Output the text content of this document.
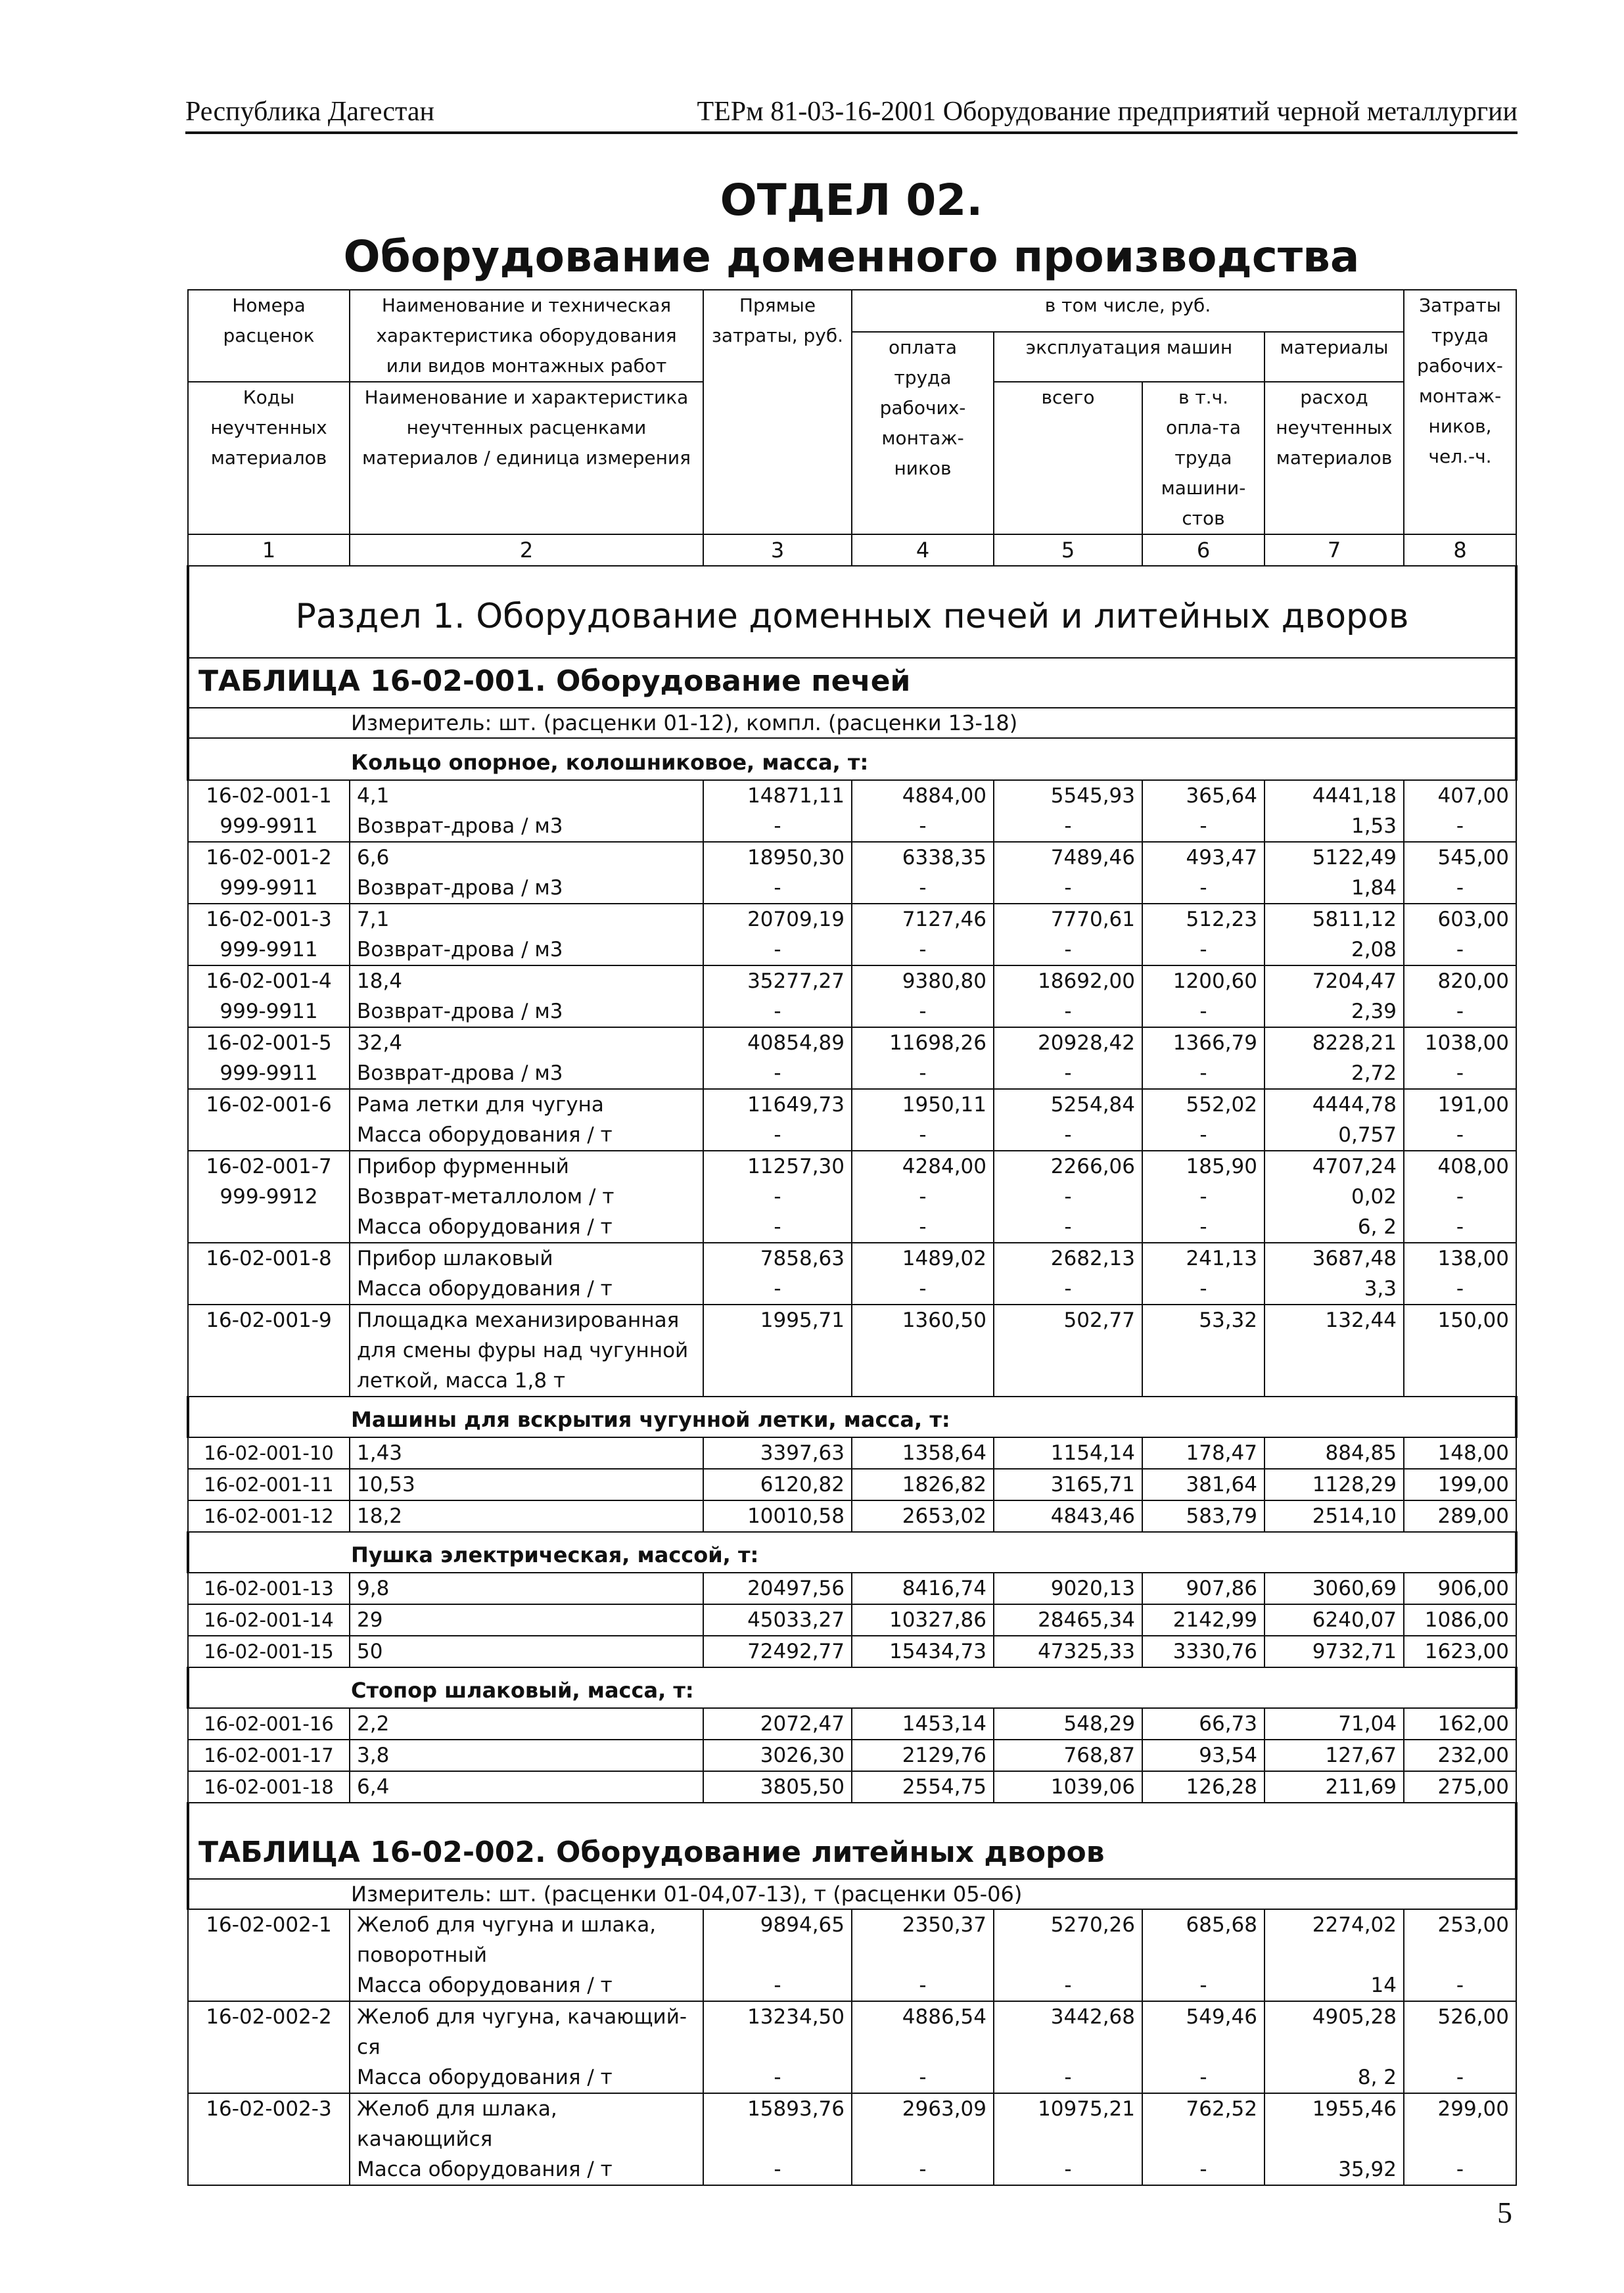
Республика Дагестан	ТЕРм 81-03-16-2001 Оборудование предприятий черной металлургии
ОТДЕЛ 02.
Оборудование доменного производства
Номера расценок	Наименование и техническая характеристика оборудования или видов монтажных работ	Прямые затраты, руб.	в том числе, руб.				Затраты труда рабочих-монтаж-ников, чел.-ч.
			оплата труда рабочих-монтаж-ников	эксплуатация машин		материалы	
Коды неучтенных материалов	Наименование и характеристика неучтенных расценками материалов / единица измерения			всего	в т.ч. опла-та труда машини-стов	расход неучтенных материалов	

1	2	3	4	5	6	7	8

Раздел 1. Оборудование доменных печей и литейных дворов							

ТАБЛИЦА 16-02-001. Оборудование печей							

Измеритель: шт. (расценки 01-12), компл. (расценки 13-18)							

Кольцо опорное, колошниковое, масса, т:							

16-02-001-1	4,1	14871,11	4884,00	5545,93	365,64	4441,18	407,00
999-9911	Возврат-дрова / м3	-	-	-	-	1,53	-
16-02-001-2	6,6	18950,30	6338,35	7489,46	493,47	5122,49	545,00
999-9911	Возврат-дрова / м3	-	-	-	-	1,84	-
16-02-001-3	7,1	20709,19	7127,46	7770,61	512,23	5811,12	603,00
999-9911	Возврат-дрова / м3	-	-	-	-	2,08	-
16-02-001-4	18,4	35277,27	9380,80	18692,00	1200,60	7204,47	820,00
999-9911	Возврат-дрова / м3	-	-	-	-	2,39	-
16-02-001-5	32,4	40854,89	11698,26	20928,42	1366,79	8228,21	1038,00
999-9911	Возврат-дрова / м3	-	-	-	-	2,72	-
16-02-001-6	Рама летки для чугуна	11649,73	1950,11	5254,84	552,02	4444,78	191,00
	Масса оборудования / т	-	-	-	-	0,757	-
16-02-001-7	Прибор фурменный	11257,30	4284,00	2266,06	185,90	4707,24	408,00
999-9912	Возврат-металлолом / т	-	-	-	-	0,02	-
	Масса оборудования / т	-	-	-	-	6, 2	-
16-02-001-8	Прибор шлаковый	7858,63	1489,02	2682,13	241,13	3687,48	138,00
	Масса оборудования / т	-	-	-	-	3,3	-
16-02-001-9	Площадка механизированная для смены фуры над чугунной леткой, масса 1,8 т	1995,71	1360,50	502,77	53,32	132,44	150,00

Машины для вскрытия чугунной летки, масса, т:							

16-02-001-10	1,43	3397,63	1358,64	1154,14	178,47	884,85	148,00
16-02-001-11	10,53	6120,82	1826,82	3165,71	381,64	1128,29	199,00
16-02-001-12	18,2	10010,58	2653,02	4843,46	583,79	2514,10	289,00

Пушка электрическая, массой, т:							

16-02-001-13	9,8	20497,56	8416,74	9020,13	907,86	3060,69	906,00
16-02-001-14	29	45033,27	10327,86	28465,34	2142,99	6240,07	1086,00
16-02-001-15	50	72492,77	15434,73	47325,33	3330,76	9732,71	1623,00

Стопор шлаковый, масса, т:							

16-02-001-16	2,2	2072,47	1453,14	548,29	66,73	71,04	162,00
16-02-001-17	3,8	3026,30	2129,76	768,87	93,54	127,67	232,00
16-02-001-18	6,4	3805,50	2554,75	1039,06	126,28	211,69	275,00

ТАБЛИЦА 16-02-002. Оборудование литейных дворов							

Измеритель: шт. (расценки 01-04,07-13), т (расценки 05-06)							

16-02-002-1	Желоб для чугуна и шлака, поворотный	9894,65	2350,37	5270,26	685,68	2274,02	253,00
	Масса оборудования / т	-	-	-	-	14	-
16-02-002-2	Желоб для чугуна, качающий-ся	13234,50	4886,54	3442,68	549,46	4905,28	526,00
	Масса оборудования / т	-	-	-	-	8, 2	-
16-02-002-3	Желоб для шлака, качающийся	15893,76	2963,09	10975,21	762,52	1955,46	299,00
	Масса оборудования / т	-	-	-	-	35,92	-
5
